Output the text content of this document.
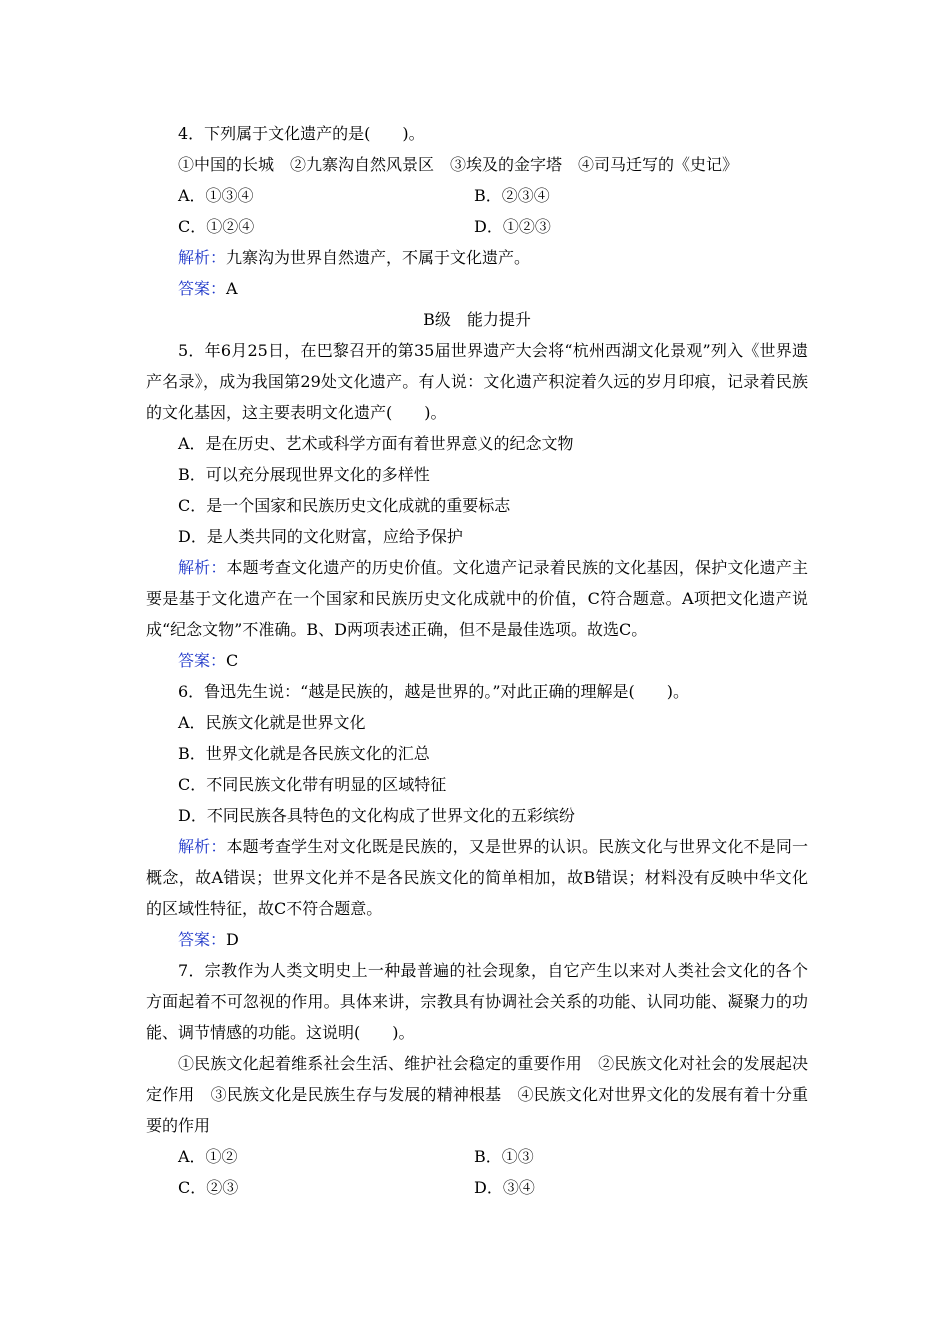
4．下列属于文化遗产的是(　　)。
①中国的长城　②九寨沟自然风景区　③埃及的金字塔　④司马迁写的《史记》
A．①③④	B．②③④
C．①②④	D．①②③
解析：九寨沟为世界自然遗产，不属于文化遗产。
答案：A
B级　能力提升
5．年6月25日，在巴黎召开的第35届世界遗产大会将“杭州西湖文化景观”列入《世界遗产名录》，成为我国第29处文化遗产。有人说：文化遗产积淀着久远的岁月印痕，记录着民族的文化基因，这主要表明文化遗产(　　)。
A．是在历史、艺术或科学方面有着世界意义的纪念文物
B．可以充分展现世界文化的多样性
C．是一个国家和民族历史文化成就的重要标志
D．是人类共同的文化财富，应给予保护
解析：本题考查文化遗产的历史价值。文化遗产记录着民族的文化基因，保护文化遗产主要是基于文化遗产在一个国家和民族历史文化成就中的价值，C符合题意。A项把文化遗产说成“纪念文物”不准确。B、D两项表述正确，但不是最佳选项。故选C。
答案：C
6．鲁迅先生说：“越是民族的，越是世界的。”对此正确的理解是(　　)。
A．民族文化就是世界文化
B．世界文化就是各民族文化的汇总
C．不同民族文化带有明显的区域特征
D．不同民族各具特色的文化构成了世界文化的五彩缤纷
解析：本题考查学生对文化既是民族的，又是世界的认识。民族文化与世界文化不是同一概念，故A错误；世界文化并不是各民族文化的简单相加，故B错误；材料没有反映中华文化的区域性特征，故C不符合题意。
答案：D
7．宗教作为人类文明史上一种最普遍的社会现象，自它产生以来对人类社会文化的各个方面起着不可忽视的作用。具体来讲，宗教具有协调社会关系的功能、认同功能、凝聚力的功能、调节情感的功能。这说明(　　)。
①民族文化起着维系社会生活、维护社会稳定的重要作用　②民族文化对社会的发展起决定作用　③民族文化是民族生存与发展的精神根基　④民族文化对世界文化的发展有着十分重要的作用
A．①②	B．①③
C．②③	D．③④
